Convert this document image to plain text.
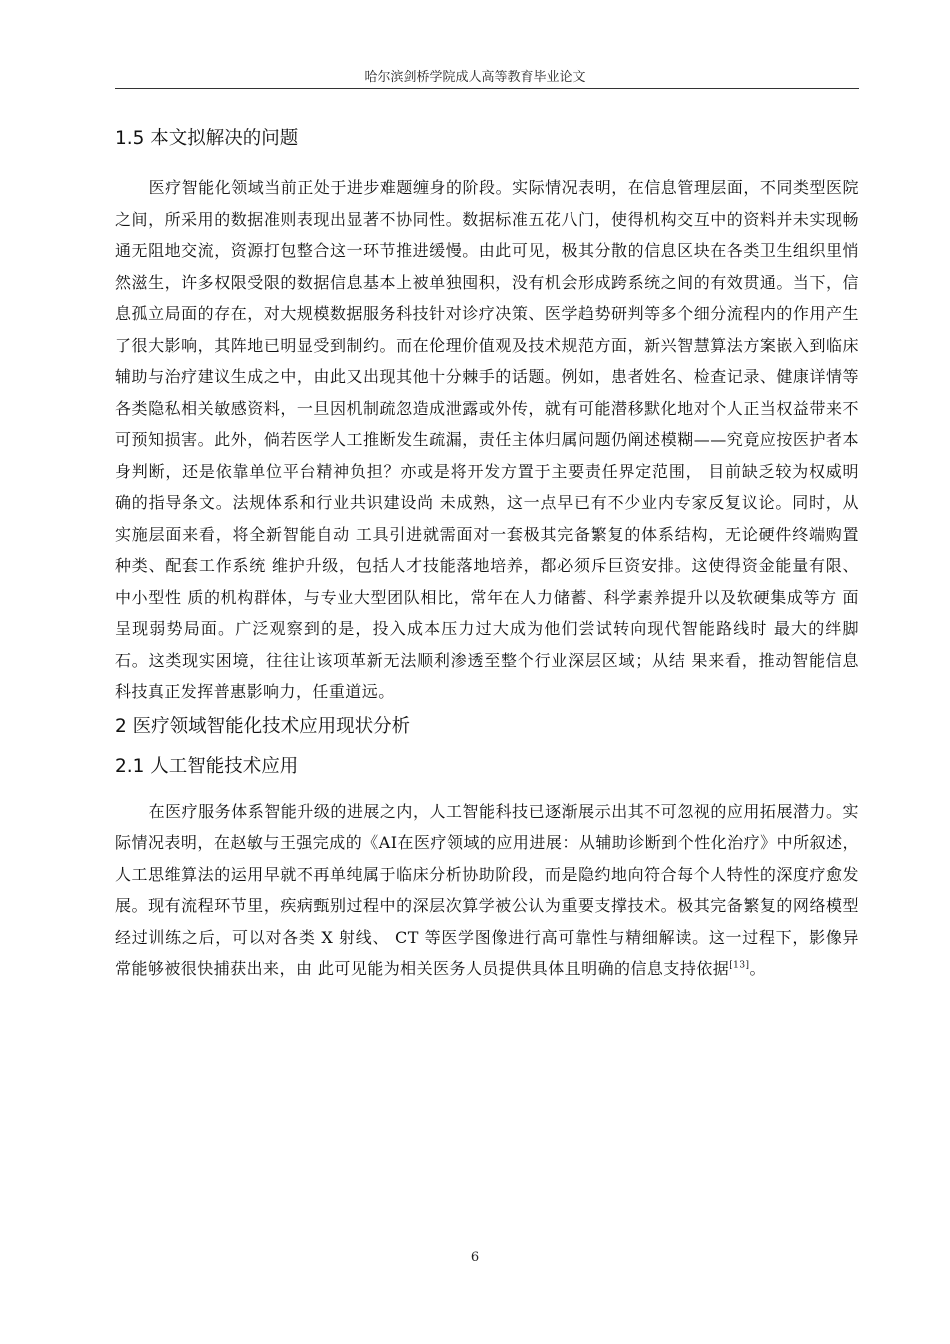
哈尔滨剑桥学院成人高等教育毕业论文
1.5 本文拟解决的问题

医疗智能化领域当前正处于进步难题缠身的阶段。实际情况表明，在信息管理层面，不同类型医院之间，所采用的数据准则表现出显著不协同性。数据标准五花八门，使得机构交互中的资料并未实现畅通无阻地交流，资源打包整合这一环节推进缓慢。由此可见，极其分散的信息区块在各类卫生组织里悄然滋生，许多权限受限的数据信息基本上被单独囤积，没有机会形成跨系统之间的有效贯通。当下，信息孤立局面的存在，对大规模数据服务科技针对诊疗决策、医学趋势研判等多个细分流程内的作用产生了很大影响，其阵地已明显受到制约。而在伦理价值观及技术规范方面，新兴智慧算法方案嵌入到临床辅助与治疗建议生成之中，由此又出现其他十分棘手的话题。例如，患者姓名、检查记录、健康详情等各类隐私相关敏感资料，一旦因机制疏忽造成泄露或外传，就有可能潜移默化地对个人正当权益带来不可预知损害。此外，倘若医学人工推断发生疏漏，责任主体归属问题仍阐述模糊——究竟应按医护者本身判断，还是依靠单位平台精神负担？亦或是将开发方置于主要责任界定范围， 目前缺乏较为权威明确的指导条文。法规体系和行业共识建设尚 未成熟，这一点早已有不少业内专家反复议论。同时，从实施层面来看，将全新智能自动 工具引进就需面对一套极其完备繁复的体系结构，无论硬件终端购置种类、配套工作系统 维护升级，包括人才技能落地培养，都必须斥巨资安排。这使得资金能量有限、中小型性 质的机构群体，与专业大型团队相比，常年在人力储蓄、科学素养提升以及软硬集成等方 面呈现弱势局面。广泛观察到的是，投入成本压力过大成为他们尝试转向现代智能路线时 最大的绊脚石。这类现实困境，往往让该项革新无法顺利渗透至整个行业深层区域；从结 果来看，推动智能信息科技真正发挥普惠影响力，任重道远。

2 医疗领域智能化技术应用现状分析
2.1 人工智能技术应用

在医疗服务体系智能升级的进展之内，人工智能科技已逐渐展示出其不可忽视的应用拓展潜力。实际情况表明，在赵敏与王强完成的《AI在医疗领域的应用进展：从辅助诊断到个性化治疗》中所叙述，人工思维算法的运用早就不再单纯属于临床分析协助阶段，而是隐约地向符合每个人特性的深度疗愈发展。现有流程环节里，疾病甄别过程中的深层次算学被公认为重要支撑技术。极其完备繁复的网络模型经过训练之后，可以对各类 X 射线、 CT 等医学图像进行高可靠性与精细解读。这一过程下，影像异常能够被很快捕获出来，由 此可见能为相关医务人员提供具体且明确的信息支持依据[13]。

6
